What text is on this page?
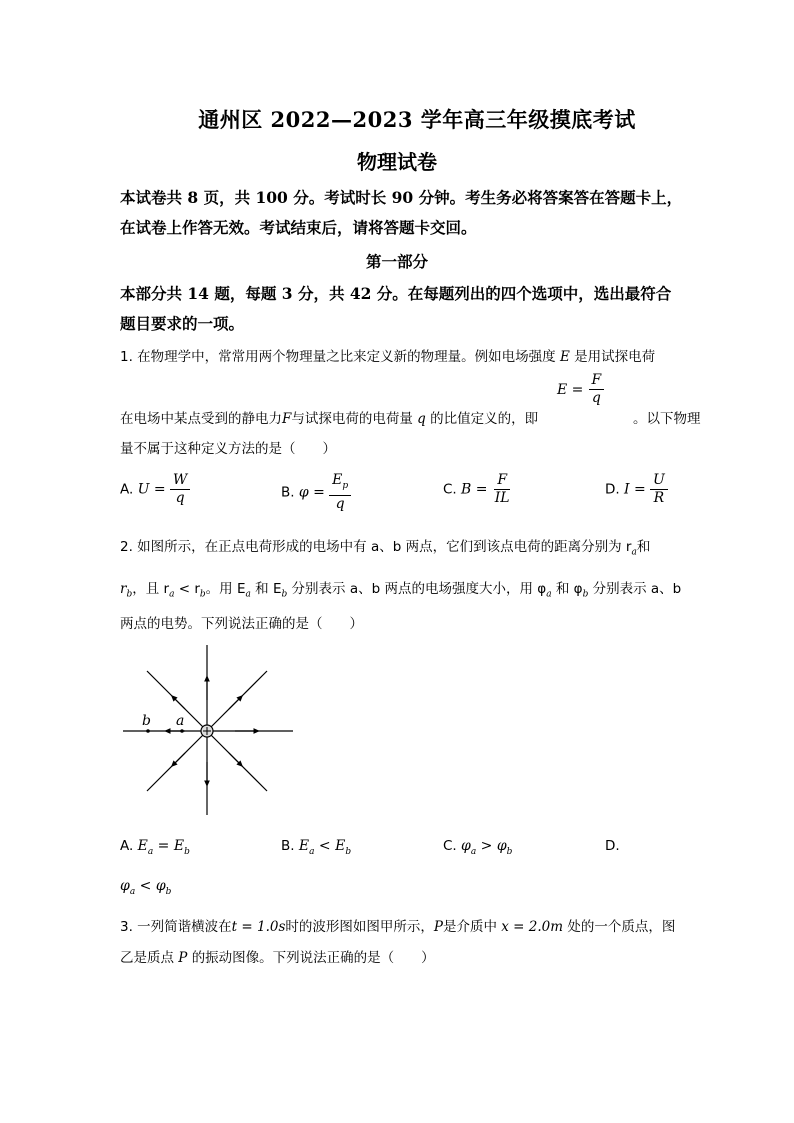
通州区 2022—2023 学年高三年级摸底考试
物理试卷
本试卷共 8 页，共 100 分。考试时长 90 分钟。考生务必将答案答在答题卡上，
在试卷上作答无效。考试结束后，请将答题卡交回。
第一部分
本部分共 14 题，每题 3 分，共 42 分。在每题列出的四个选项中，选出最符合
题目要求的一项。
1. 在物理学中，常常用两个物理量之比来定义新的物理量。例如电场强度 E 是用试探电荷
$E = \frac{F}{q}$
在电场中某点受到的静电力F与试探电荷的电荷量 q 的比值定义的，即	。以下物理
量不属于这种定义方法的是（　　）
A. $U = \frac{W}{q}$	B. $\varphi = \frac{E_p}{q}$	C. $B = \frac{F}{IL}$	D. $I = \frac{U}{R}$
2. 如图所示，在正点电荷形成的电场中有 a、b 两点，它们到该点电荷的距离分别为 $r_a$和
$r_b$，且 $r_a < r_b$。用 $E_a$ 和 $E_b$ 分别表示 a、b 两点的电场强度大小，用 $\varphi_a$ 和 $\varphi_b$ 分别表示 a、b
两点的电势。下列说法正确的是（　　）
b a
A. $E_a = E_b$	B. $E_a < E_b$	C. $\varphi_a > \varphi_b$	D.
$\varphi_a < \varphi_b$
3. 一列简谐横波在t = 1.0s时的波形图如图甲所示，P是介质中 x = 2.0m 处的一个质点，图
乙是质点 P 的振动图像。下列说法正确的是（　　）
